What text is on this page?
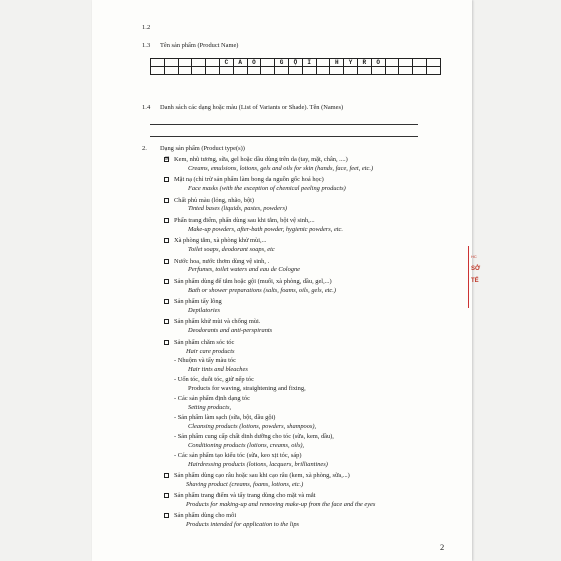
1.2
1.3 Tên sản phẩm (Product Name)
					C	A	O		G	Ộ	I		H	Y	R	O				

1.4 Danh sách các dạng hoặc màu (List of Variants or Shade). Tên (Names)
2. Dạng sản phẩm (Product type(s))
☒ Kem, nhũ tương, sữa, gel hoặc dầu dùng trên da (tay, mặt, chân, ....)
Creams, emulsions, lotions, gels and oils for skin (hands, face, feet, etc.)
Mặt nạ (chỉ trừ sản phẩm làm bong da nguồn gốc hoá học)
Face masks (with the exception of chemical peeling products)
Chất phủ màu (lỏng, nhão, bột)
Tinted bases (liquids, pastes, powders)
Phấn trang điểm, phấn dùng sau khi tắm, bột vệ sinh,...
Make-up powders, after-bath powder, hygienic powders, etc.
Xà phòng tắm, xà phòng khử mùi,...
Toilet soaps, deodorant soaps, etc
Nước hoa, nước thơm dùng vệ sinh, .
Perfumes, toilet waters and eau de Cologne
Sản phẩm dùng để tắm hoặc gội (muối, xà phòng, dầu, gel,...)
Bath or shower preparations (salts, foams, oils, gels, etc.)
Sản phẩm tẩy lông
Depilatories
Sản phẩm khử mùi và chống mùi.
Deodorants and anti-perspirants
Sản phẩm chăm sóc tóc
Hair care products
- Nhuộm và tẩy màu tóc
Hair tints and bleaches
- Uốn tóc, duỗi tóc, giữ nếp tóc
Products for waving, straightening and fixing,
- Các sản phẩm định dạng tóc
Setting products,
- Sản phẩm làm sạch (sữa, bột, dầu gội)
Cleansing products (lotions, powders, shampoos),
- Sản phẩm cung cấp chất dinh dưỡng cho tóc (sữa, kem, dầu),
Conditioning products (lotions, creams, oils),
- Các sản phẩm tạo kiểu tóc (sữa, keo xịt tóc, sáp)
Hairdressing products (lotions, lacquers, brilliantines)
Sản phẩm dùng cạo râu hoặc sau khi cạo râu (kem, xà phòng, sữa,...)
Shaving product (creams, foams, lotions, etc.)
Sản phẩm trang điểm và tẩy trang dùng cho mặt và mắt
Products for making-up and removing make-up from the face and the eyes
Sản phẩm dùng cho môi
Products intended for application to the lips
HC
SỞ
TẾ
2
